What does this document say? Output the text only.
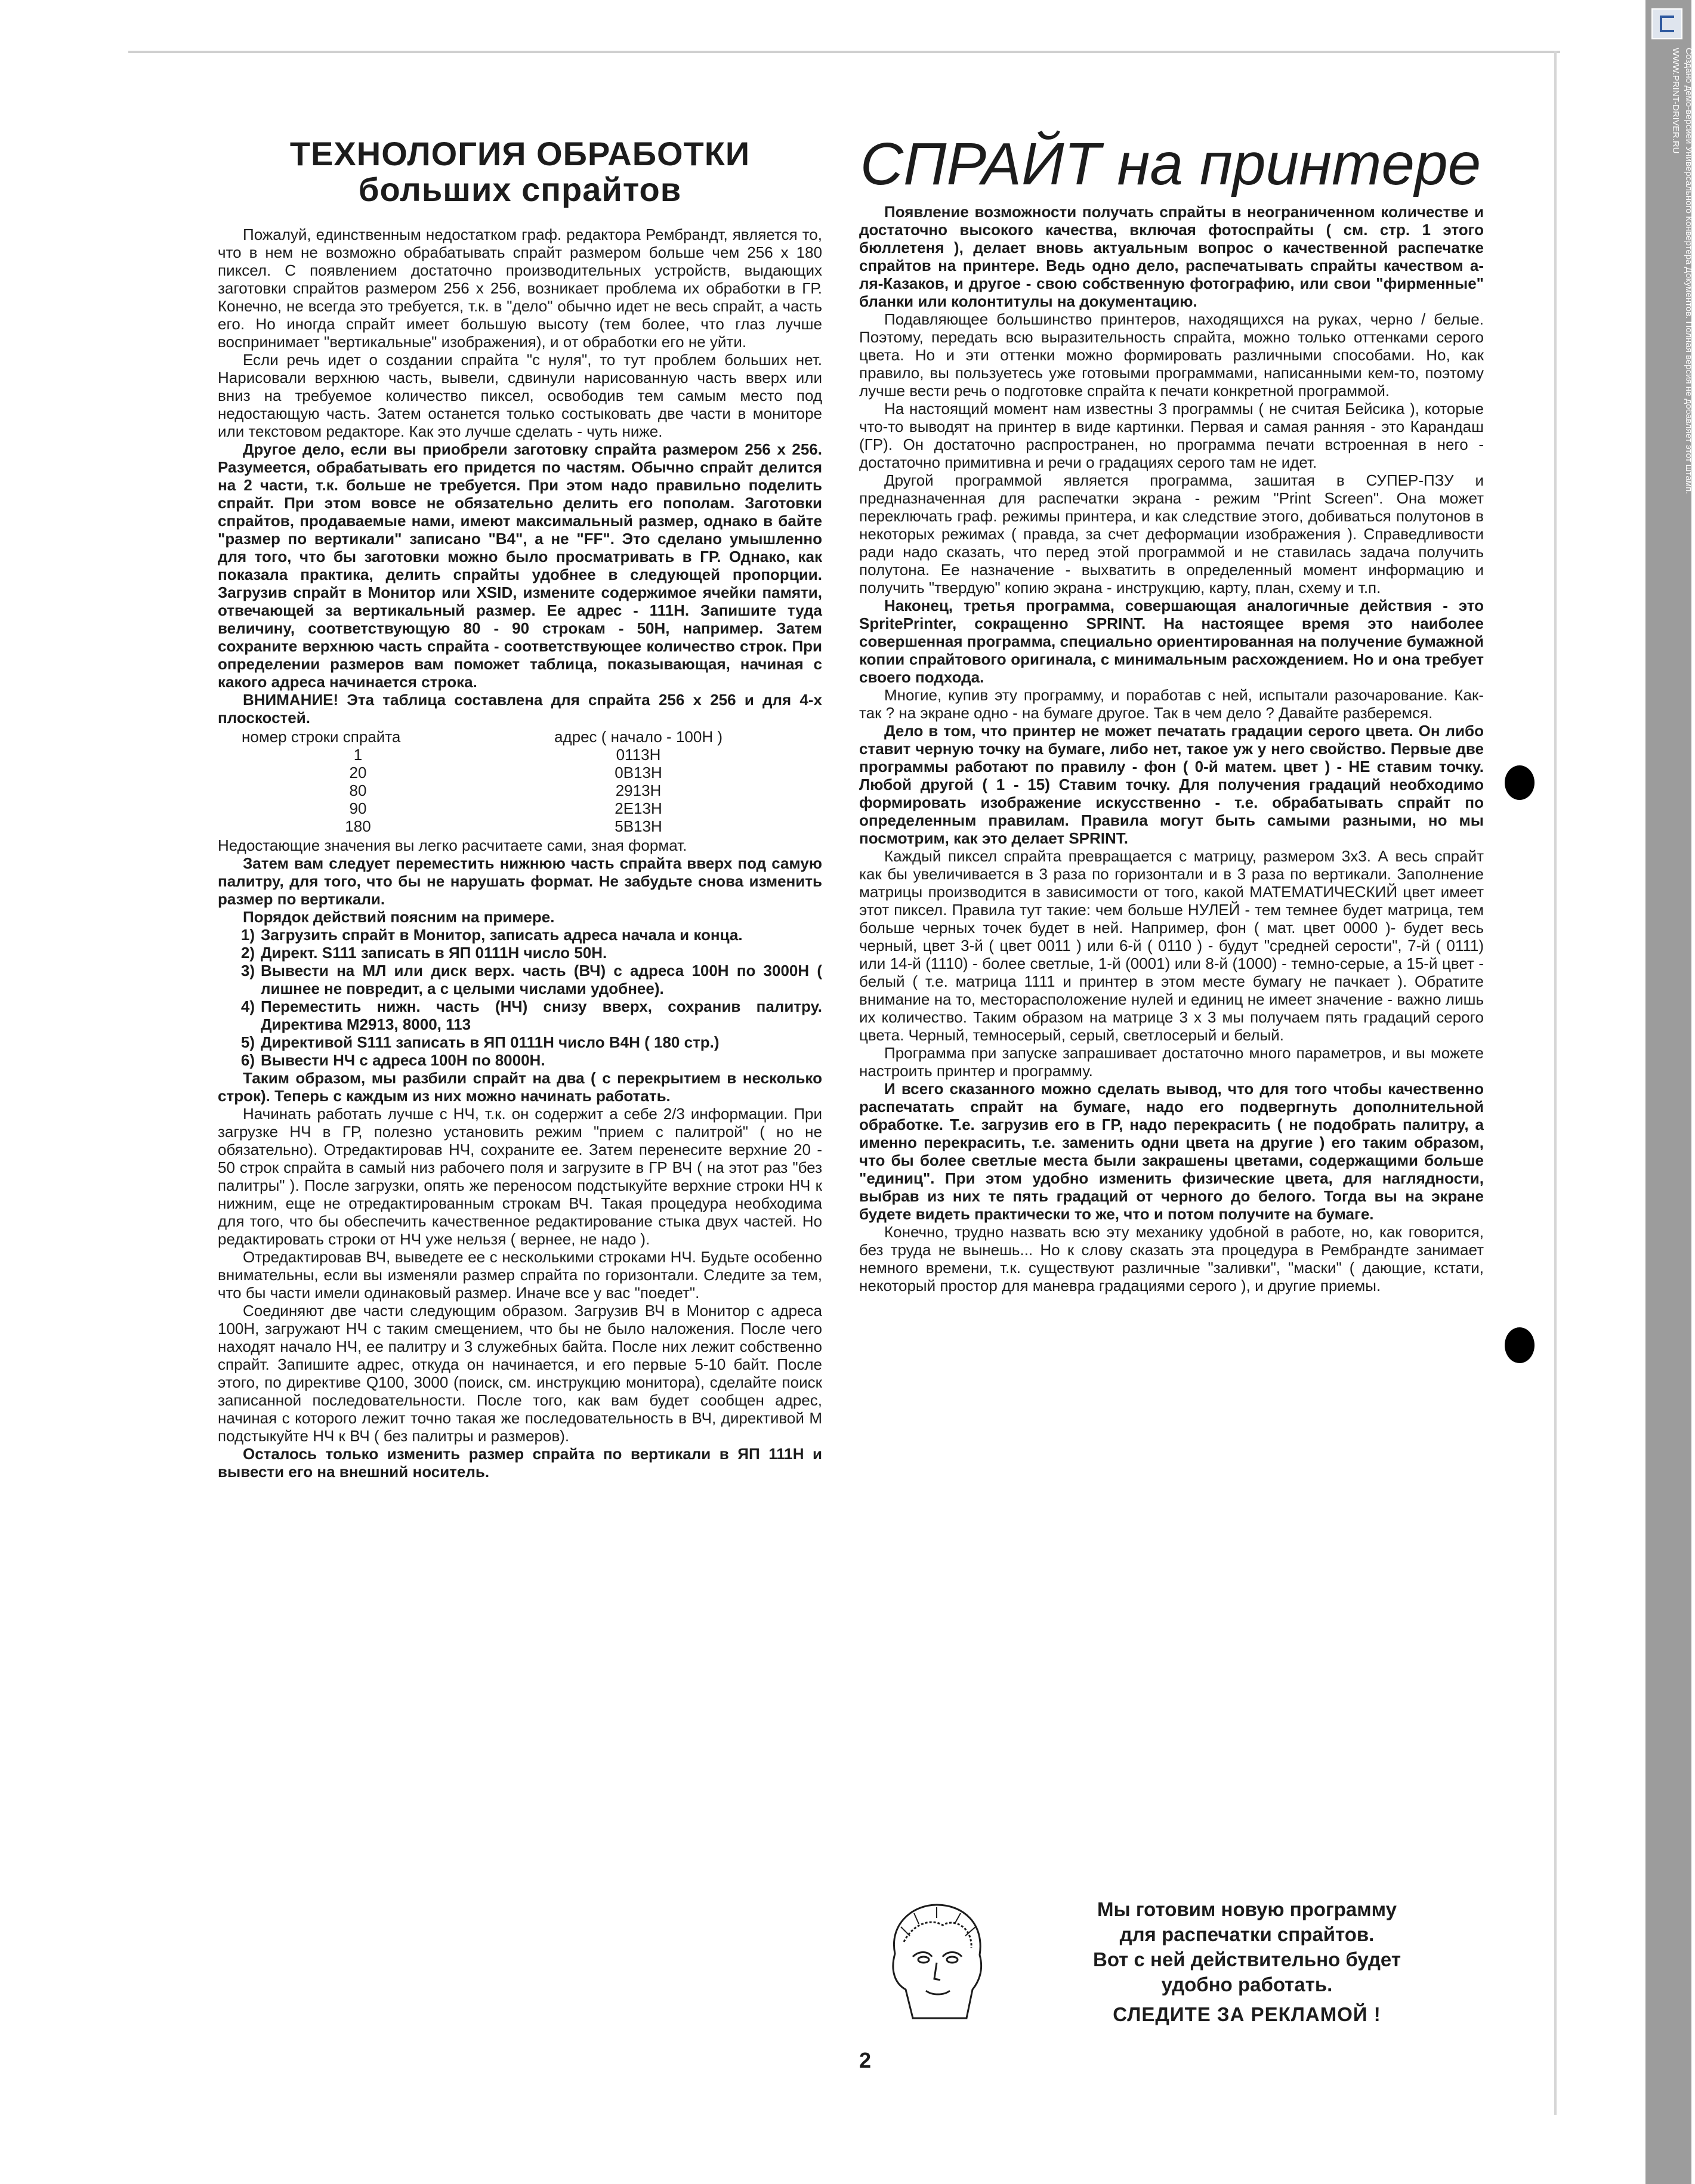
Создано демо-версией Универсального Конвертера Документов. Полная версия не добавляет этот штамп.
WWW.PRINT-DRIVER.RU
ТЕХНОЛОГИЯ ОБРАБОТКИ
больших спрайтов

Пожалуй, единственным недостатком граф. редактора Рембрандт, является то, что в нем не возможно обрабатывать спрайт размером больше чем 256 х 180 пиксел. С появлением достаточно производительных устройств, выдающих заготовки спрайтов размером 256 х 256, возникает проблема их обработки в ГР. Конечно, не всегда это требуется, т.к. в "дело" обычно идет не весь спрайт, а часть его. Но иногда спрайт имеет большую высоту (тем более, что глаз лучше воспринимает "вертикальные" изображения), и от обработки его не уйти.

Если речь идет о создании спрайта "с нуля", то тут проблем больших нет. Нарисовали верхнюю часть, вывели, сдвинули нарисованную часть вверх или вниз на требуемое количество пиксел, освободив тем самым место под недостающую часть. Затем останется только состыковать две части в мониторе или текстовом редакторе. Как это лучше сделать - чуть ниже.

Другое дело, если вы приобрели заготовку спрайта размером 256 х 256. Разумеется, обрабатывать его придется по частям. Обычно спрайт делится на 2 части, т.к. больше не требуется. При этом надо правильно поделить спрайт. При этом вовсе не обязательно делить его пополам. Заготовки спрайтов, продаваемые нами, имеют максимальный размер, однако в байте "размер по вертикали" записано "B4", а не "FF". Это сделано умышленно для того, что бы заготовки можно было просматривать в ГР. Однако, как показала практика, делить спрайты удобнее в следующей пропорции. Загрузив спрайт в Монитор или XSID, измените содержимое ячейки памяти, отвечающей за вертикальный размер. Ее адрес - 111H. Запишите туда величину, соответствующую 80 - 90 строкам - 50H, например. Затем сохраните верхнюю часть спрайта - соответствующее количество строк. При определении размеров вам поможет таблица, показывающая, начиная с какого адреса начинается строка.

ВНИМАНИЕ! Эта таблица составлена для спрайта 256 х 256 и для 4-х плоскостей.

номер строки спрайта	адрес ( начало - 100H )
1	0113H
20	0B13H
80	2913H
90	2E13H
180	5B13H

Недостающие значения вы легко расчитаете сами, зная формат.

Затем вам следует переместить нижнюю часть спрайта вверх под самую палитру, для того, что бы не нарушать формат. Не забудьте снова изменить размер по вертикали.

Порядок действий поясним на примере.

1) Загрузить спрайт в Монитор, записать адреса начала и конца.
2) Директ. S111 записать в ЯП 0111H число 50H.
3) Вывести на МЛ или диск верх. часть (ВЧ) с адреса 100H по 3000H ( лишнее не повредит, а с целыми числами удобнее).
4) Переместить нижн. часть (НЧ) снизу вверх, сохранив палитру. Директива M2913, 8000, 113
5) Директивой S111 записать в ЯП 0111H число B4H ( 180 стр.)
6) Вывести НЧ с адреса 100H по 8000H.

Таким образом, мы разбили спрайт на два ( с перекрытием в несколько строк). Теперь с каждым из них можно начинать работать.

Начинать работать лучше с НЧ, т.к. он содержит а себе 2/3 информации. При загрузке НЧ в ГР, полезно установить режим "прием с палитрой" ( но не обязательно). Отредактировав НЧ, сохраните ее. Затем перенесите верхние 20 - 50 строк спрайта в самый низ рабочего поля и загрузите в ГР ВЧ ( на этот раз "без палитры" ). После загрузки, опять же переносом подстыкуйте верхние строки НЧ к нижним, еще не отредактированным строкам ВЧ. Такая процедура необходима для того, что бы обеспечить качественное редактирование стыка двух частей. Но редактировать строки от НЧ уже нельзя ( вернее, не надо ).

Отредактировав ВЧ, выведете ее с несколькими строками НЧ. Будьте особенно внимательны, если вы изменяли размер спрайта по горизонтали. Следите за тем, что бы части имели одинаковый размер. Иначе все у вас "поедет".

Соединяют две части следующим образом. Загрузив ВЧ в Монитор с адреса 100H, загружают НЧ с таким смещением, что бы не было наложения. После чего находят начало НЧ, ее палитру и 3 служебных байта. После них лежит собственно спрайт. Запишите адрес, откуда он начинается, и его первые 5-10 байт. После этого, по директиве Q100, 3000 (поиск, см. инструкцию монитора), сделайте поиск записанной последовательности. После того, как вам будет сообщен адрес, начиная с которого лежит точно такая же последовательность в ВЧ, директивой M подстыкуйте НЧ к ВЧ ( без палитры и размеров).

Осталось только изменить размер спрайта по вертикали в ЯП 111H и вывести его на внешний носитель.

СПРАЙТ на принтере

Появление возможности получать спрайты в неограниченном количестве и достаточно высокого качества, включая фотоспрайты ( см. стр. 1 этого бюллетеня ), делает вновь актуальным вопрос о качественной распечатке спрайтов на принтере. Ведь одно дело, распечатывать спрайты качеством а-ля-Казаков, и другое - свою собственную фотографию, или свои "фирменные" бланки или колонтитулы на документацию.

Подавляющее большинство принтеров, находящихся на руках, черно / белые. Поэтому, передать всю выразительность спрайта, можно только оттенками серого цвета. Но и эти оттенки можно формировать различными способами. Но, как правило, вы пользуетесь уже готовыми программами, написанными кем-то, поэтому лучше вести речь о подготовке спрайта к печати конкретной программой.

На настоящий момент нам известны 3 программы ( не считая Бейсика ), которые что-то выводят на принтер в виде картинки. Первая и самая ранняя - это Карандаш (ГР). Он достаточно распространен, но программа печати встроенная в него - достаточно примитивна и речи о градациях серого там не идет.

Другой программой является программа, зашитая в СУПЕР-ПЗУ и предназначенная для распечатки экрана - режим "Print Screen". Она может переключать граф. режимы принтера, и как следствие этого, добиваться полутонов в некоторых режимах ( правда, за счет деформации изображения ). Справедливости ради надо сказать, что перед этой программой и не ставилась задача получить полутона. Ее назначение - выхватить в определенный момент информацию и получить "твердую" копию экрана - инструкцию, карту, план, схему и т.п.

Наконец, третья программа, совершающая аналогичные действия - это SpritePrinter, сокращенно SPRINT. На настоящее время это наиболее совершенная программа, специально ориентированная на получение бумажной копии спрайтового оригинала, с минимальным расхождением. Но и она требует своего подхода.

Многие, купив эту программу, и поработав с ней, испытали разочарование. Как-так ? на экране одно - на бумаге другое. Так в чем дело ? Давайте разберемся.

Дело в том, что принтер не может печатать градации серого цвета. Он либо ставит черную точку на бумаге, либо нет, такое уж у него свойство. Первые две программы работают по правилу - фон ( 0-й матем. цвет ) - НЕ ставим точку. Любой другой ( 1 - 15) Ставим точку. Для получения градаций необходимо формировать изображение искусственно - т.е. обрабатывать спрайт по определенным правилам. Правила могут быть самыми разными, но мы посмотрим, как это делает SPRINT.

Каждый пиксел спрайта превращается с матрицу, размером 3х3. А весь спрайт как бы увеличивается в 3 раза по горизонтали и в 3 раза по вертикали. Заполнение матрицы производится в зависимости от того, какой МАТЕМАТИЧЕСКИЙ цвет имеет этот пиксел. Правила тут такие: чем больше НУЛЕЙ - тем темнее будет матрица, тем больше черных точек будет в ней. Например, фон ( мат. цвет 0000 )- будет весь черный, цвет 3-й ( цвет 0011 ) или 6-й ( 0110 ) - будут "средней серости", 7-й ( 0111) или 14-й (1110) - более светлые, 1-й (0001) или 8-й (1000) - темно-серые, а 15-й цвет - белый ( т.е. матрица 1111 и принтер в этом месте бумагу не пачкает ). Обратите внимание на то, месторасположение нулей и единиц не имеет значение - важно лишь их количество. Таким образом на матрице 3 х 3 мы получаем пять градаций серого цвета. Черный, темносерый, серый, светлосерый и белый.

Программа при запуске запрашивает достаточно много параметров, и вы можете настроить принтер и программу.

И всего сказанного можно сделать вывод, что для того чтобы качественно распечатать спрайт на бумаге, надо его подвергнуть дополнительной обработке. Т.е. загрузив его в ГР, надо перекрасить ( не подобрать палитру, а именно перекрасить, т.е. заменить одни цвета на другие ) его таким образом, что бы более светлые места были закрашены цветами, содержащими больше "единиц". При этом удобно изменить физические цвета, для наглядности, выбрав из них те пять градаций от черного до белого. Тогда вы на экране будете видеть практически то же, что и потом получите на бумаге.

Конечно, трудно назвать всю эту механику удобной в работе, но, как говорится, без труда не вынешь... Но к слову сказать эта процедура в Рембрандте занимает немного времени, т.к. существуют различные "заливки", "маски" ( дающие, кстати, некоторый простор для маневра градациями серого ), и другие приемы.

Мы готовим новую программу
для распечатки спрайтов.
Вот с ней действительно будет
удобно работать.
СЛЕДИТЕ ЗА РЕКЛАМОЙ !
2
